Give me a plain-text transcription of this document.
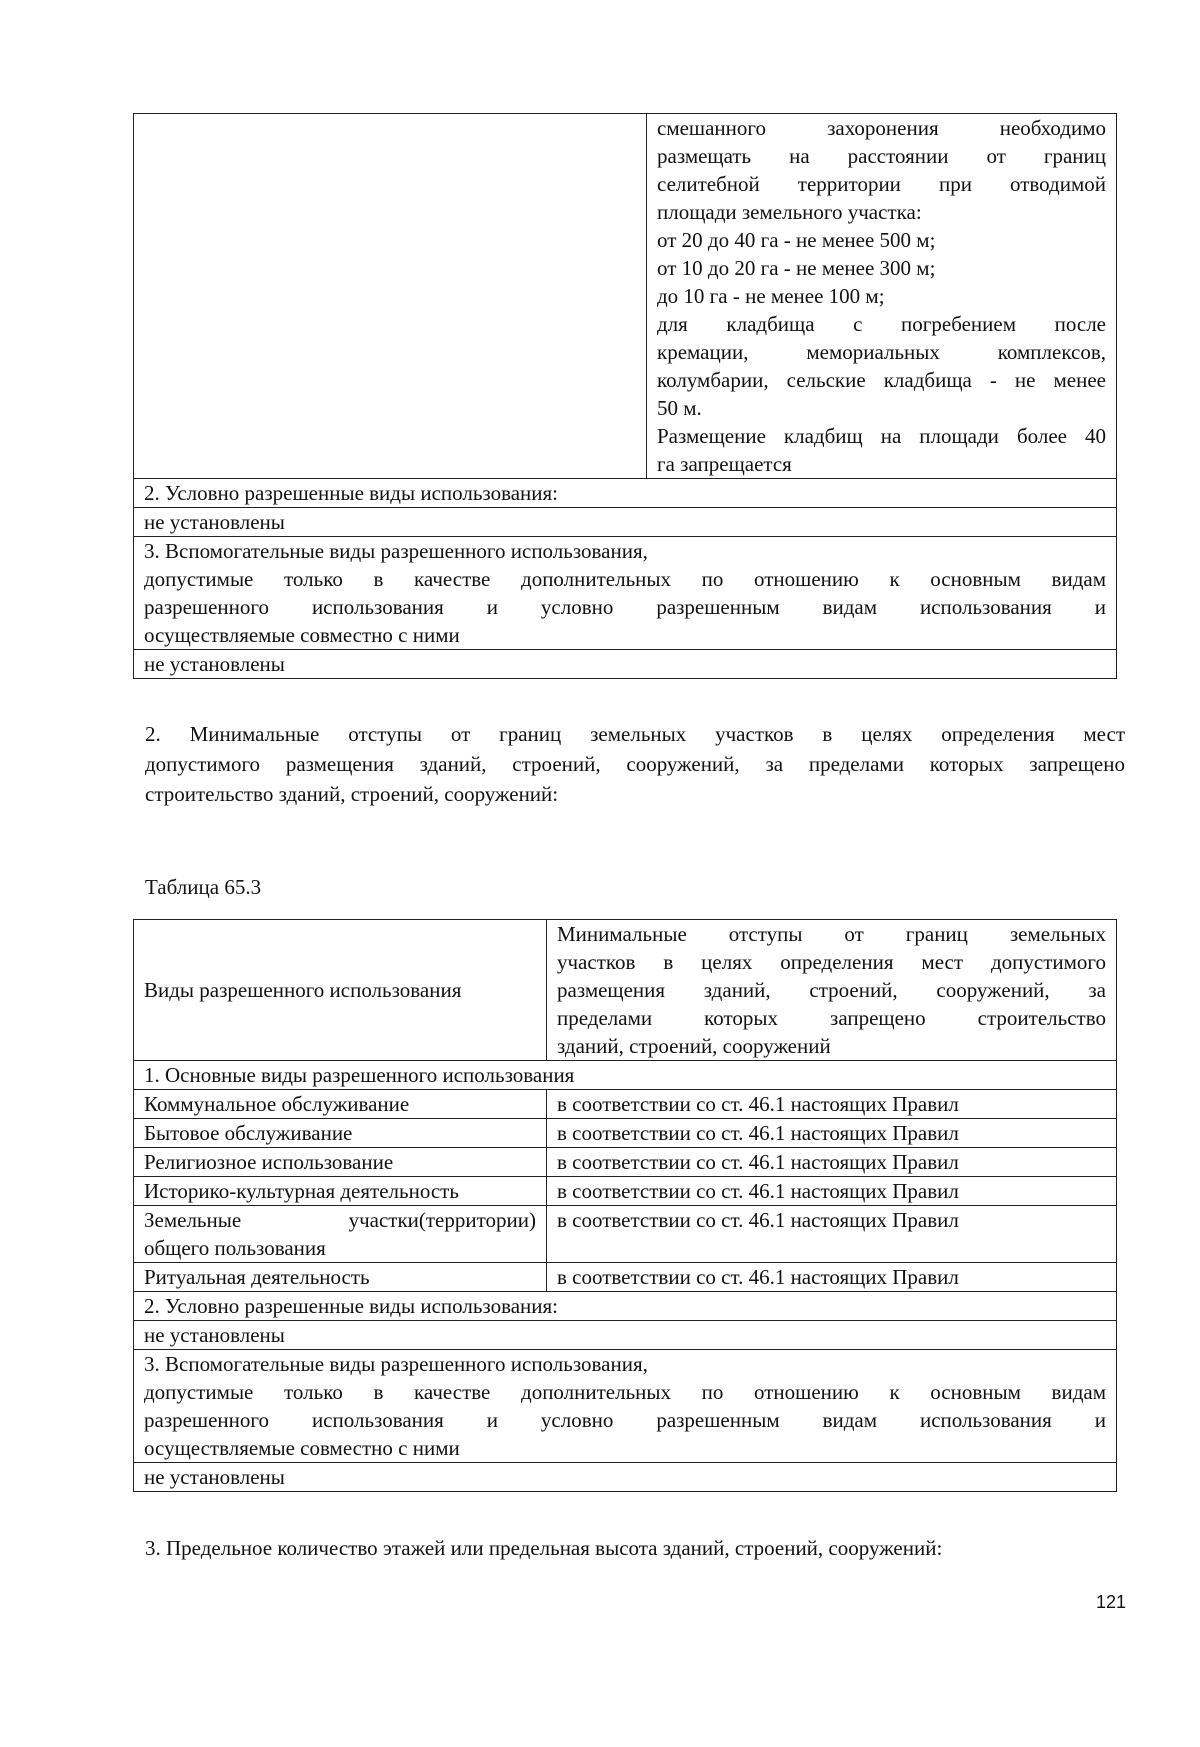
смешанного захоронения необходимо
размещать на расстоянии от границ
селитебной территории при отводимой
площади земельного участка:
от 20 до 40 га - не менее 500 м;
от 10 до 20 га - не менее 300 м;
до 10 га - не менее 100 м;
для кладбища с погребением после
кремации, мемориальных комплексов,
колумбарии, сельские кладбища - не менее
50 м.
Размещение кладбищ на площади более 40
га запрещается

2. Условно разрешенные виды использования:
не установлены

3. Вспомогательные виды разрешенного использования,
допустимые только в качестве дополнительных по отношению к основным видам
разрешенного использования и условно разрешенным видам использования и
осуществляемые совместно с ними

не установлены
2. Минимальные отступы от границ земельных участков в целях определения мест
допустимого размещения зданий, строений, сооружений, за пределами которых запрещено
строительство зданий, строений, сооружений:
Таблица 65.3
Виды разрешенного использования	Минимальные отступы от границ земельных
участков в целях определения мест допустимого
размещения зданий, строений, сооружений, за
пределами которых запрещено строительство
зданий, строений, сооружений

1. Основные виды разрешенного использования	
Коммунальное обслуживание	в соответствии со ст. 46.1 настоящих Правил
Бытовое обслуживание	в соответствии со ст. 46.1 настоящих Правил
Религиозное использование	в соответствии со ст. 46.1 настоящих Правил
Историко-культурная деятельность	в соответствии со ст. 46.1 настоящих Правил

Земельные участки(территории)
общего пользования	в соответствии со ст. 46.1 настоящих Правил
Ритуальная деятельность	в соответствии со ст. 46.1 настоящих Правил
2. Условно разрешенные виды использования:	
не установлены	

3. Вспомогательные виды разрешенного использования,
допустимые только в качестве дополнительных по отношению к основным видам
разрешенного использования и условно разрешенным видам использования и
осуществляемые совместно с ними	

не установлены	
3. Предельное количество этажей или предельная высота зданий, строений, сооружений:
121
